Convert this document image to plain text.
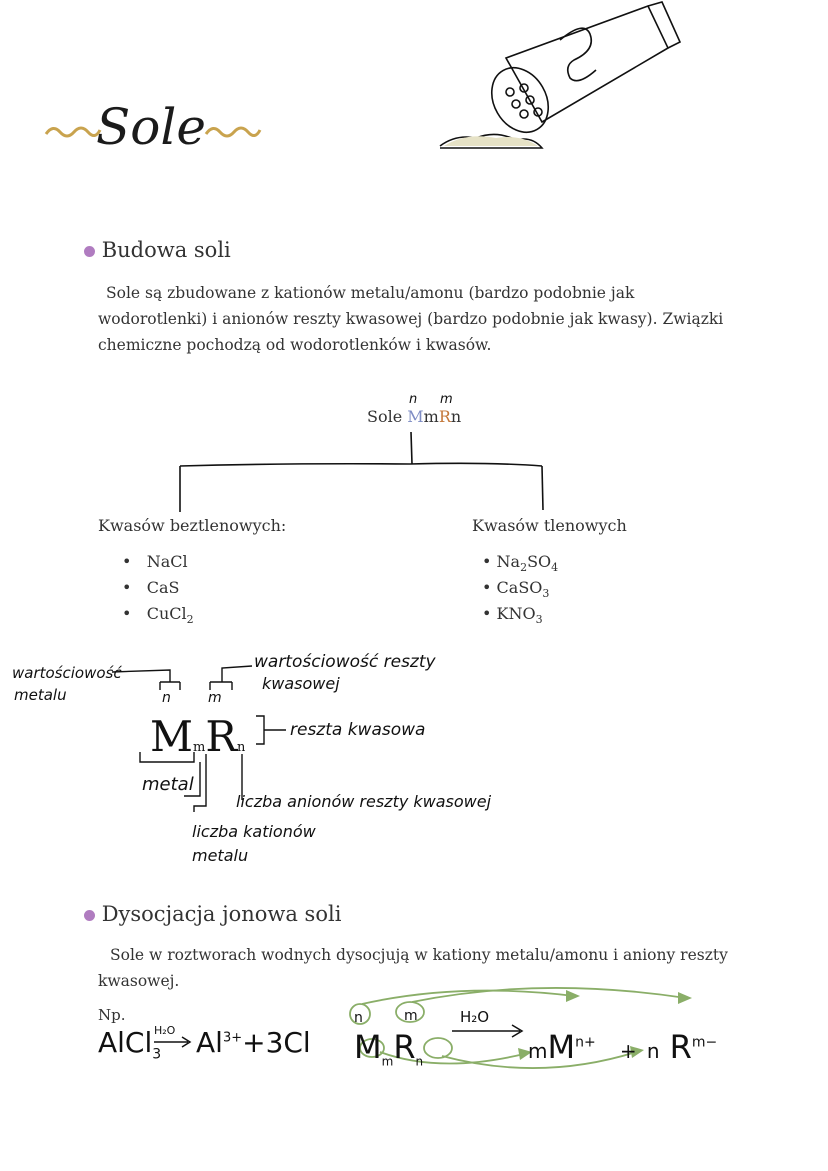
Sole
Budowa soli
Sole są zbudowane z kationów metalu/amonu (bardzo podobnie jak wodorotlenki) i anionów reszty kwasowej (bardzo podobnie jak kwasy). Związki chemiczne pochodzą od wodorotlenków i kwasów.
n m
Sole MmRn
Kwasów beztlenowych:	Kwasów tlenowych
•   NaCl
•   CaS
•   CuCl$_2$
• $Na_2SO_4$
• CaSO$_3$
• $KNO_3$
wartościowość
metalu
wartościowość reszty
kwasowej
n	m
MmRn
reszta kwasowa
metal
liczba anionów reszty kwasowej
liczba kationów
metalu
Dysocjacja jonowa soli
Sole w roztworach wodnych dysocjują w kationy metalu/amonu i aniony reszty kwasowej.
Np.
AlCl$_3$
H₂O $Al^{3+}+3Cl$
n	m
$M_mR_n$
H₂O
$mM^{n+} + n$ $R^{m-}$
